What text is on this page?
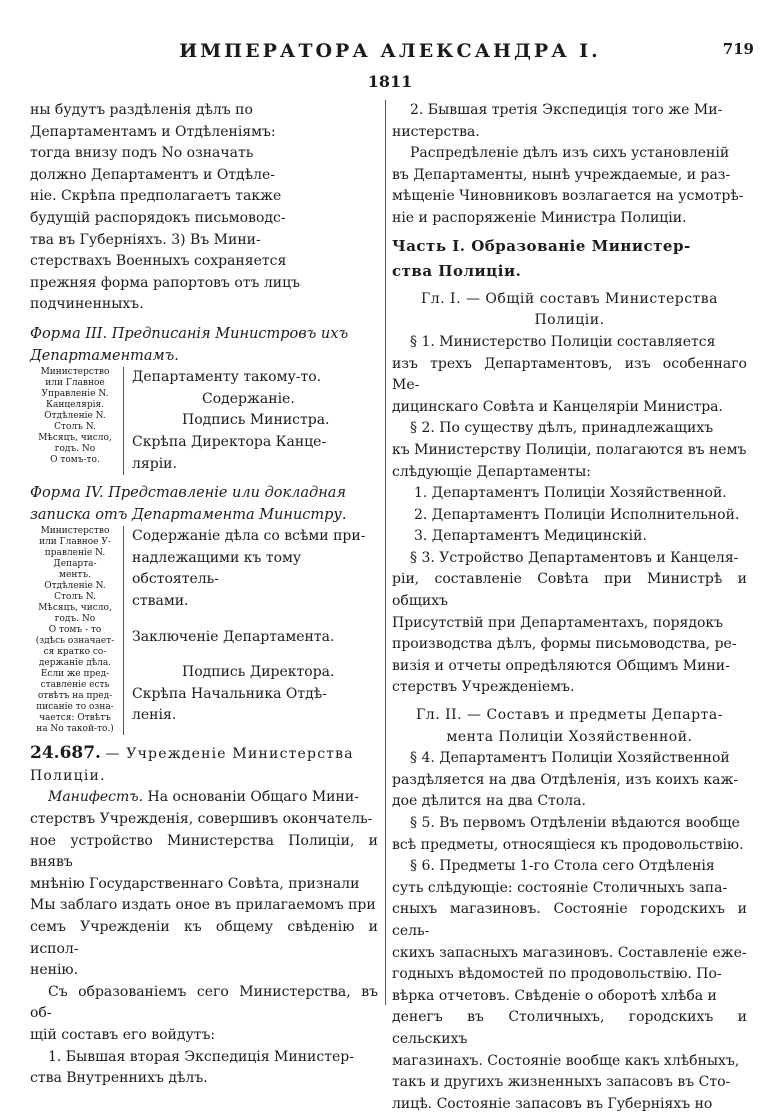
ИМПЕРАТОРА АЛЕКСАНДРА I.	719
1811

ны будутъ раздѣленія дѣлъ по

Департаментамъ и Отдѣленіямъ:

тогда внизу подъ No означать

должно Департаментъ и Отдѣле-

ніе. Скрѣпа предполагаетъ также

будущій распорядокъ письмоводс-

тва въ Губерніяхъ. 3) Въ Мини-

стерствахъ Военныхъ сохраняется

прежняя форма рапортовъ отъ лицъ

подчиненныхъ.

Форма III. Предписанія Министровъ ихъ

Департаментамъ.

Министерство
или Главное
Управленіе N.
Канцелярія.
Отдѣленіе N.
Столъ N.
Мѣсяцъ, число,
годъ. No
О томъ-то.
Департаменту такому-то.
Содержаніе.
Подпись Министра.
Скрѣпа Директора Канце-
ляріи.

Форма IV. Представленіе или докладная

записка отъ Департамента Министру.

Министерство
или Главное У-
правленіе N.
Департа-
ментъ.
Отдѣленіе N.
Столъ N.
Мѣсяцъ, число,
годъ. No
О томъ - то
(здѣсь означает-
ся кратко со-
держаніе дѣла.
Если же пред-
ставленіе есть
отвѣтъ на пред-
писаніе то озна-
чается: Отвѣтъ
на No такой-то.)
Содержаніе дѣла со всѣми при-
надлежащими къ тому обстоятель-
ствами.
Заключеніе Департамента.
Подпись Директора.
Скрѣпа Начальника Отдѣ-
ленія.

24.687. — Учрежденіе Министерства

Полиціи.

Манифестъ. На основаніи Общаго Мини-

стерствъ Учрежденія, совершивъ окончатель-

ное устройство Министерства Полиціи, и внявъ

мнѣнію Государственнаго Совѣта, признали

Мы заблаго издать оное въ прилагаемомъ при

семъ Учрежденіи къ общему свѣденію и испол-

ненію.

Съ образованіемъ сего Министерства, въ об-

щій составъ его войдутъ:

1. Бывшая вторая Экспедиція Министер-

ства Внутреннихъ дѣлъ.

2. Бывшая третія Экспедиція того же Ми-

нистерства.

Распредѣленіе дѣлъ изъ сихъ установленій

въ Департаменты, нынѣ учреждаемые, и раз-

мѣщеніе Чиновниковъ возлагается на усмотрѣ-

ніе и распоряженіе Министра Полиціи.

Часть I. Образованіе Министер-

ства Полиціи.

Гл. I. — Общій составъ Министерства

Полиціи.

§ 1. Министерство Полиціи составляется

изъ трехъ Департаментовъ, изъ особеннаго Ме-

дицинскаго Совѣта и Канцеляріи Министра.

§ 2. По существу дѣлъ, принадлежащихъ

къ Министерству Полиціи, полагаются въ немъ

слѣдующіе Департаменты:

1. Департаментъ Полиціи Хозяйственной.

2. Департаментъ Полиціи Исполнительной.

3. Департаментъ Медицинскій.

§ 3. Устройство Департаментовъ и Канцеля-

ріи, составленіе Совѣта при Министрѣ и общихъ

Присутствій при Департаментахъ, порядокъ

производства дѣлъ, формы письмоводства, ре-

визія и отчеты опредѣляются Общимъ Мини-

стерствъ Учрежденіемъ.

Гл. II. — Составъ и предметы Департа-

мента Полиціи Хозяйственной.

§ 4. Департаментъ Полиціи Хозяйственной

раздѣляется на два Отдѣленія, изъ коихъ каж-

дое дѣлится на два Стола.

§ 5. Въ первомъ Отдѣленіи вѣдаются вообще

всѣ предметы, относящіеся къ продовольствію.

§ 6. Предметы 1-го Стола сего Отдѣленія

суть слѣдующіе: состояніе Столичныхъ запа-

сныхъ магазиновъ. Состояніе городскихъ и сель-

скихъ запасныхъ магазиновъ. Составленіе еже-

годныхъ вѣдомостей по продовольствію. По-

вѣрка отчетовъ. Свѣденіе о оборотѣ хлѣба и

денегъ въ Столичныхъ, городскихъ и сельскихъ

магазинахъ. Состояніе вообще какъ хлѣбныхъ,

такъ и другихъ жизненныхъ запасовъ въ Сто-

лицѣ. Состояніе запасовъ въ Губерніяхъ но
